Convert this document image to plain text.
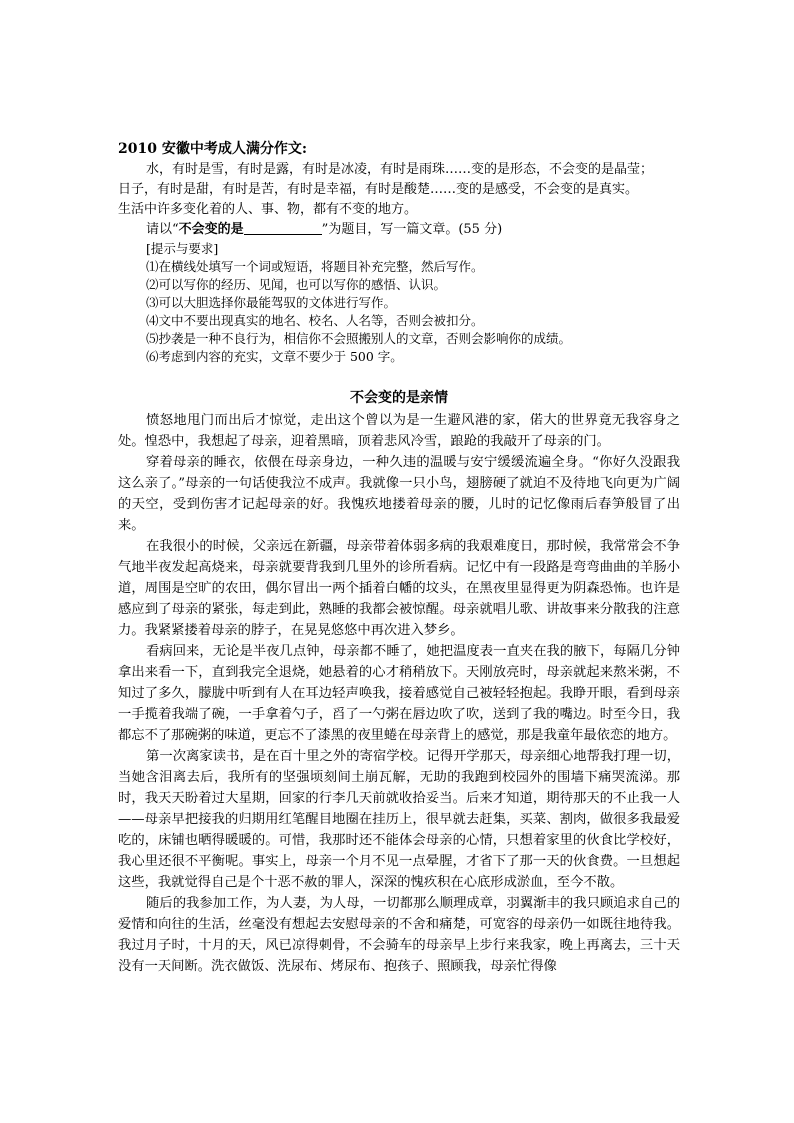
2010 安徽中考成人满分作文:

水，有时是雪，有时是露，有时是冰凌，有时是雨珠……变的是形态，不会变的是晶莹；

日子，有时是甜，有时是苦，有时是幸福，有时是酸楚……变的是感受，不会变的是真实。

生活中许多变化着的人、事、物，都有不变的地方。

请以“不会变的是	”为题目，写一篇文章。(55 分)

[提示与要求]
⑴在横线处填写一个词或短语，将题目补充完整，然后写作。
⑵可以写你的经历、见闻，也可以写你的感悟、认识。
⑶可以大胆选择你最能驾驭的文体进行写作。
⑷文中不要出现真实的地名、校名、人名等，否则会被扣分。
⑸抄袭是一种不良行为，相信你不会照搬别人的文章，否则会影响你的成绩。
⑹考虑到内容的充实，文章不要少于 500 字。
不会变的是亲情

愤怒地甩门而出后才惊觉，走出这个曾以为是一生避风港的家，偌大的世界竟无我容身之处。惶恐中，我想起了母亲，迎着黑暗，顶着悲风冷雪，踉跄的我敲开了母亲的门。

穿着母亲的睡衣，依偎在母亲身边，一种久违的温暖与安宁缓缓流遍全身。“你好久没跟我这么亲了。”母亲的一句话使我泣不成声。我就像一只小鸟，翅膀硬了就迫不及待地飞向更为广阔的天空，受到伤害才记起母亲的好。我愧疚地搂着母亲的腰，儿时的记忆像雨后春笋般冒了出来。

在我很小的时候，父亲远在新疆，母亲带着体弱多病的我艰难度日，那时候，我常常会不争气地半夜发起高烧来，母亲就要背我到几里外的诊所看病。记忆中有一段路是弯弯曲曲的羊肠小道，周围是空旷的农田，偶尔冒出一两个插着白幡的坟头，在黑夜里显得更为阴森恐怖。也许是感应到了母亲的紧张，每走到此，熟睡的我都会被惊醒。母亲就唱儿歌、讲故事来分散我的注意力。我紧紧搂着母亲的脖子，在晃晃悠悠中再次进入梦乡。

看病回来，无论是半夜几点钟，母亲都不睡了，她把温度表一直夹在我的腋下，每隔几分钟拿出来看一下，直到我完全退烧，她悬着的心才稍稍放下。天刚放亮时，母亲就起来熬米粥，不知过了多久，朦胧中听到有人在耳边轻声唤我，接着感觉自己被轻轻抱起。我睁开眼，看到母亲一手揽着我端了碗，一手拿着勺子，舀了一勺粥在唇边吹了吹，送到了我的嘴边。时至今日，我都忘不了那碗粥的味道，更忘不了漆黑的夜里蜷在母亲背上的感觉，那是我童年最依恋的地方。

第一次离家读书，是在百十里之外的寄宿学校。记得开学那天，母亲细心地帮我打理一切，当她含泪离去后，我所有的坚强顷刻间土崩瓦解，无助的我跑到校园外的围墙下痛哭流涕。那时，我天天盼着过大星期，回家的行李几天前就收拾妥当。后来才知道，期待那天的不止我一人——母亲早把接我的归期用红笔醒目地圈在挂历上，很早就去赶集，买菜、割肉，做很多我最爱吃的，床铺也晒得暖暖的。可惜，我那时还不能体会母亲的心情，只想着家里的伙食比学校好，我心里还很不平衡呢。事实上，母亲一个月不见一点晕腥，才省下了那一天的伙食费。一旦想起这些，我就觉得自己是个十恶不赦的罪人，深深的愧疚积在心底形成淤血，至今不散。

随后的我参加工作，为人妻，为人母，一切都那么顺理成章，羽翼渐丰的我只顾追求自己的爱情和向往的生活，丝毫没有想起去安慰母亲的不舍和痛楚，可宽容的母亲仍一如既往地待我。我过月子时，十月的天，风已凉得刺骨，不会骑车的母亲早上步行来我家，晚上再离去，三十天没有一天间断。洗衣做饭、洗尿布、烤尿布、抱孩子、照顾我，母亲忙得像
